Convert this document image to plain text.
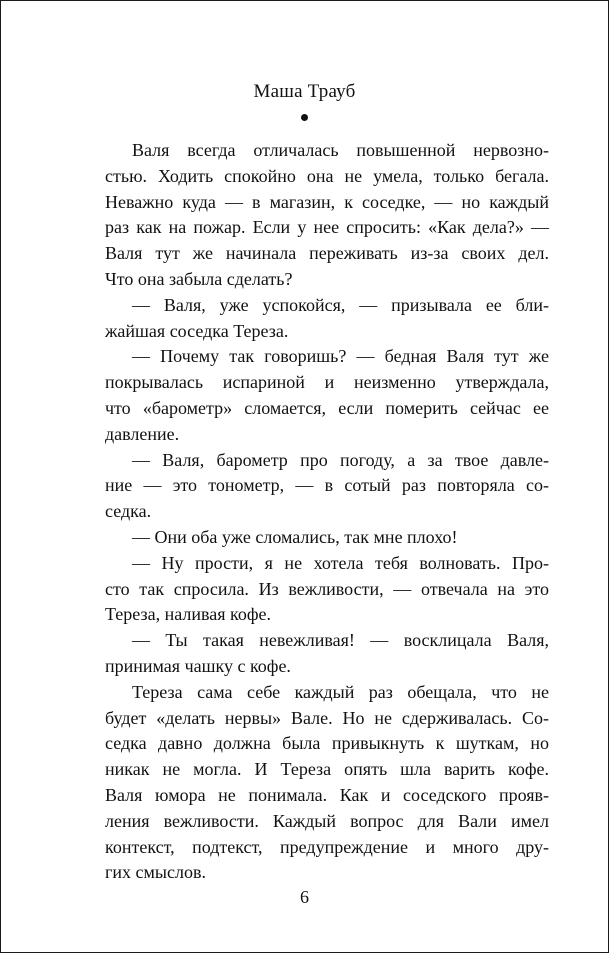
Маша Трауб
Валя всегда отличалась повышенной нервозно-
стью. Ходить спокойно она не умела, только бегала.
Неважно куда — в магазин, к соседке, — но каждый
раз как на пожар. Если у нее спросить: «Как дела?» —
Валя тут же начинала переживать из-за своих дел.
Что она забыла сделать?
— Валя, уже успокойся, — призывала ее бли-
жайшая соседка Тереза.
— Почему так говоришь? — бедная Валя тут же
покрывалась испариной и неизменно утверждала,
что «барометр» сломается, если померить сейчас ее
давление.
— Валя, барометр про погоду, а за твое давле-
ние — это тонометр, — в сотый раз повторяла со-
седка.
— Они оба уже сломались, так мне плохо!
— Ну прости, я не хотела тебя волновать. Про-
сто так спросила. Из вежливости, — отвечала на это
Тереза, наливая кофе.
— Ты такая невежливая! — восклицала Валя,
принимая чашку с кофе.
Тереза сама себе каждый раз обещала, что не
будет «делать нервы» Вале. Но не сдерживалась. Со-
седка давно должна была привыкнуть к шуткам, но
никак не могла. И Тереза опять шла варить кофе.
Валя юмора не понимала. Как и соседского прояв-
ления вежливости. Каждый вопрос для Вали имел
контекст, подтекст, предупреждение и много дру-
гих смыслов.
6
